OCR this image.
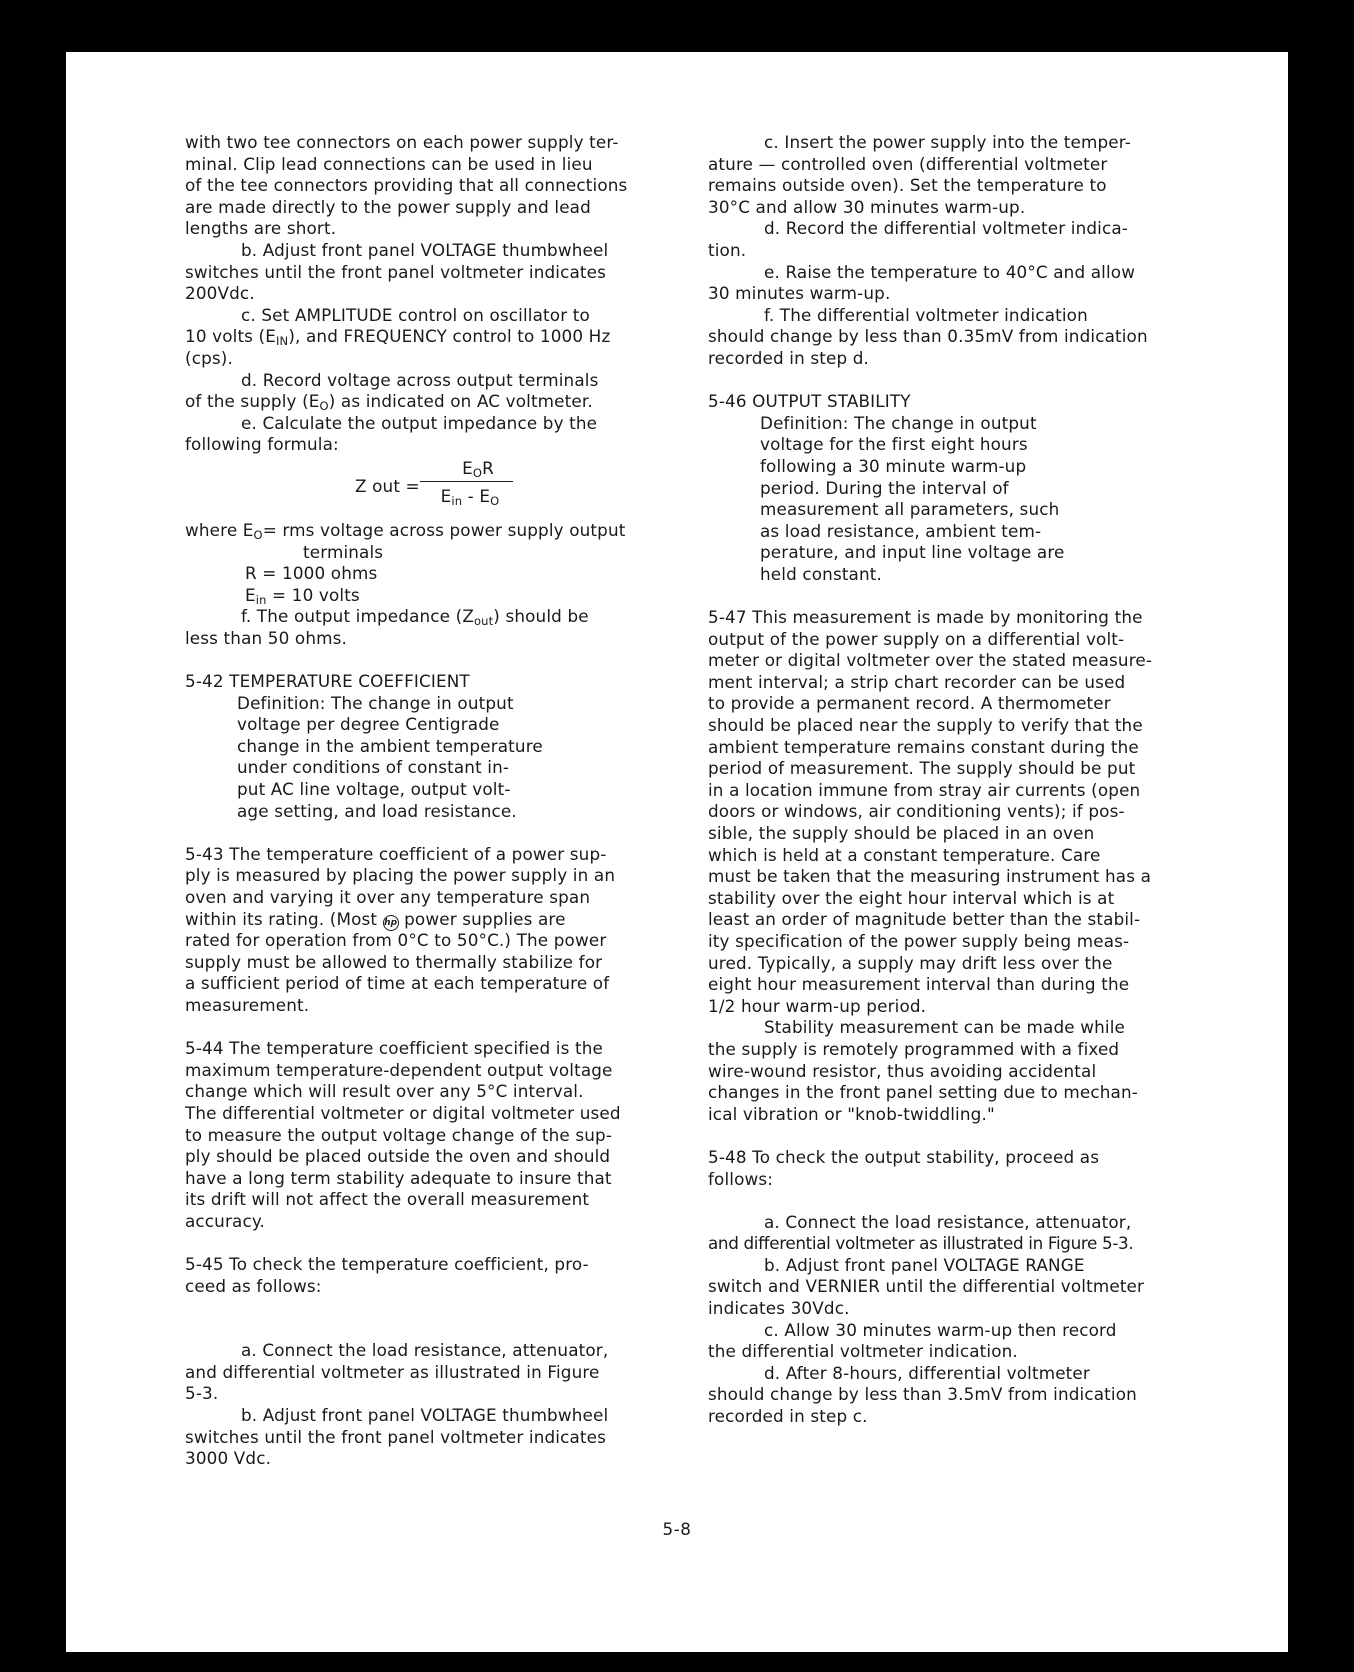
with two tee connectors on each power supply ter-
minal. Clip lead connections can be used in lieu
of the tee connectors providing that all connections
are made directly to the power supply and lead
lengths are short.
b. Adjust front panel VOLTAGE thumbwheel
switches until the front panel voltmeter indicates
200Vdc.
c. Set AMPLITUDE control on oscillator to
10 volts $(E_{IN})$, and FREQUENCY control to 1000 Hz
(cps).
d. Record voltage across output terminals
of the supply $(E_O)$ as indicated on AC voltmeter.
e. Calculate the output impedance by the
following formula:
Z out =
$E_OR$
$E_{in} - E_O$
where $E_O=$ rms voltage across power supply output
terminals
R = 1000 ohms
$E_{in} = 10$ volts
f. The output impedance $(Z_{out})$ should be
less than 50 ohms.
5-42 TEMPERATURE COEFFICIENT
Definition: The change in output
voltage per degree Centigrade
change in the ambient temperature
under conditions of constant in-
put AC line voltage, output volt-
age setting, and load resistance.
5-43 The temperature coefficient of a power sup-
ply is measured by placing the power supply in an
oven and varying it over any temperature span
within its rating. (Most hp power supplies are
rated for operation from 0°C to 50°C.) The power
supply must be allowed to thermally stabilize for
a sufficient period of time at each temperature of
measurement.
5-44 The temperature coefficient specified is the
maximum temperature-dependent output voltage
change which will result over any 5°C interval.
The differential voltmeter or digital voltmeter used
to measure the output voltage change of the sup-
ply should be placed outside the oven and should
have a long term stability adequate to insure that
its drift will not affect the overall measurement
accuracy.
5-45 To check the temperature coefficient, pro-
ceed as follows:
a. Connect the load resistance, attenuator,
and differential voltmeter as illustrated in Figure
5-3.
b. Adjust front panel VOLTAGE thumbwheel
switches until the front panel voltmeter indicates
3000 Vdc.
c. Insert the power supply into the temper-
ature — controlled oven (differential voltmeter
remains outside oven). Set the temperature to
30°C and allow 30 minutes warm-up.
d. Record the differential voltmeter indica-
tion.
e. Raise the temperature to 40°C and allow
30 minutes warm-up.
f. The differential voltmeter indication
should change by less than 0.35mV from indication
recorded in step d.
5-46 OUTPUT STABILITY
Definition: The change in output
voltage for the first eight hours
following a 30 minute warm-up
period. During the interval of
measurement all parameters, such
as load resistance, ambient tem-
perature, and input line voltage are
held constant.
5-47 This measurement is made by monitoring the
output of the power supply on a differential volt-
meter or digital voltmeter over the stated measure-
ment interval; a strip chart recorder can be used
to provide a permanent record. A thermometer
should be placed near the supply to verify that the
ambient temperature remains constant during the
period of measurement. The supply should be put
in a location immune from stray air currents (open
doors or windows, air conditioning vents); if pos-
sible, the supply should be placed in an oven
which is held at a constant temperature. Care
must be taken that the measuring instrument has a
stability over the eight hour interval which is at
least an order of magnitude better than the stabil-
ity specification of the power supply being meas-
ured. Typically, a supply may drift less over the
eight hour measurement interval than during the
1/2 hour warm-up period.
Stability measurement can be made while
the supply is remotely programmed with a fixed
wire-wound resistor, thus avoiding accidental
changes in the front panel setting due to mechan-
ical vibration or "knob-twiddling."
5-48 To check the output stability, proceed as
follows:
a. Connect the load resistance, attenuator,
and differential voltmeter as illustrated in Figure 5-3.
b. Adjust front panel VOLTAGE RANGE
switch and VERNIER until the differential voltmeter
indicates 30Vdc.
c. Allow 30 minutes warm-up then record
the differential voltmeter indication.
d. After 8-hours, differential voltmeter
should change by less than 3.5mV from indication
recorded in step c.
5-8
